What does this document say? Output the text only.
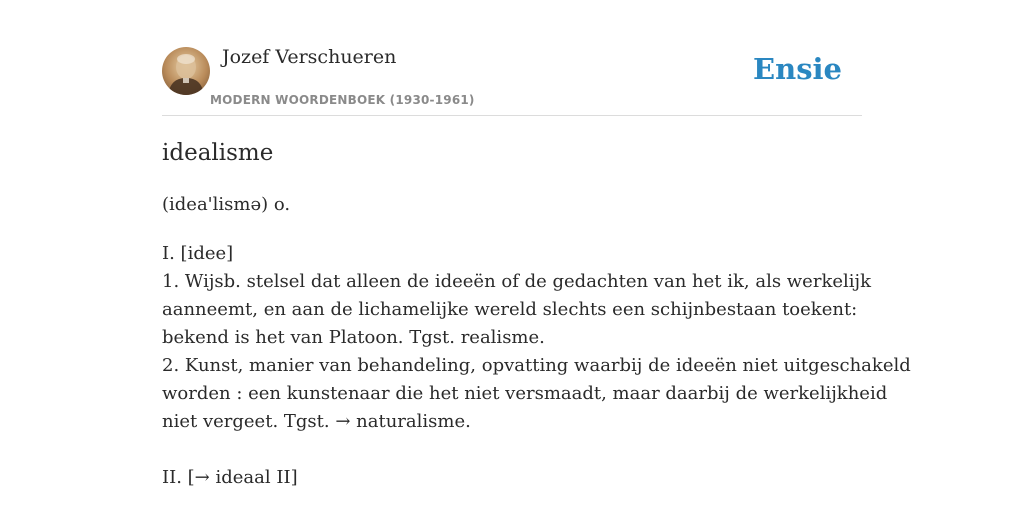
Jozef Verschueren
MODERN WOORDENBOEK (1930-1961)
Ensie
idealisme
(idea'lismə) o.
I. [idee]
1. Wijsb. stelsel dat alleen de ideeën of de gedachten van het ik, als werkelijk
aanneemt, en aan de lichamelijke wereld slechts een schijnbestaan toekent:
bekend is het van Platoon. Tgst. realisme.
2. Kunst, manier van behandeling, opvatting waarbij de ideeën niet uitgeschakeld
worden : een kunstenaar die het niet versmaadt, maar daarbij de werkelijkheid
niet vergeet. Tgst. → naturalisme.
II. [→ ideaal II]
